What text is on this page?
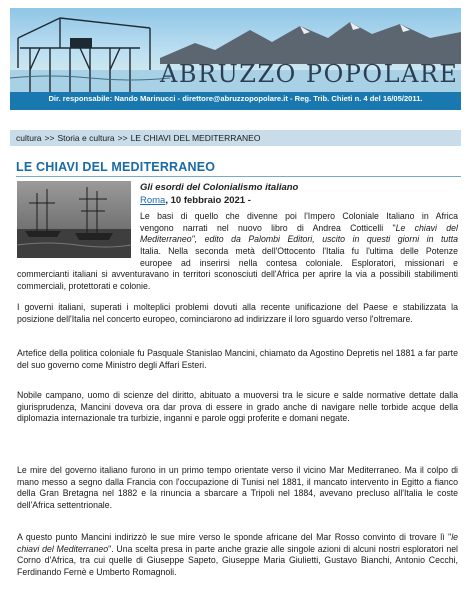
ABRUZZO POPOLARE
Dir. responsabile: Nando Marinucci - direttore@abruzzopopolare.it - Reg. Trib. Chieti n. 4 del 16/05/2011.
cultura >> Storia e cultura >> LE CHIAVI DEL MEDITERRANEO
LE CHIAVI DEL MEDITERRANEO
Gli esordi del Colonialismo italiano
Roma, 10 febbraio 2021 -
Le basi di quello che divenne poi l'Impero Coloniale Italiano in Africa
vengono narrati nel nuovo libro di Andrea Cotticelli "Le chiavi del
Mediterraneo", edito da Palombi Editori, uscito in questi giorni in tutta
Italia. Nella seconda metà dell'Ottocento l'Italia fu l'ultima delle Potenze
europee ad inserirsi nella contesa coloniale. Esploratori, missionari e
commercianti italiani si avventuravano in territori sconosciuti dell'Africa per aprire la via a possibili stabilimenti commerciali, protettorati e colonie.
I governi italiani, superati i molteplici problemi dovuti alla recente unificazione del Paese e stabilizzata la posizione dell'Italia nel concerto europeo, cominciarono ad indirizzare il loro sguardo verso l'oltremare.
Artefice della politica coloniale fu Pasquale Stanislao Mancini, chiamato da Agostino Depretis nel 1881 a far parte del suo governo come Ministro degli Affari Esteri.
Nobile campano, uomo di scienze del diritto, abituato a muoversi tra le sicure e salde normative dettate dalla giurisprudenza, Mancini doveva ora dar prova di essere in grado anche di navigare nelle torbide acque della diplomazia internazionale tra turbizie, inganni e parole oggi proferite e domani negate.
Le mire del governo italiano furono in un primo tempo orientate verso il vicino Mar Mediterraneo. Ma il colpo di mano messo a segno dalla Francia con l'occupazione di Tunisi nel 1881, il mancato intervento in Egitto a fianco della Gran Bretagna nel 1882 e la rinuncia a sbarcare a Tripoli nel 1884, avevano precluso all'Italia le coste dell'Africa settentrionale.
A questo punto Mancini indirizzò le sue mire verso le sponde africane del Mar Rosso convinto di trovare lì "le chiavi del Mediterraneo". Una scelta presa in parte anche grazie alle singole azioni di alcuni nostri esploratori nel Corno d'Africa, tra cui quelle di Giuseppe Sapeto, Giuseppe Maria Giulietti, Gustavo Bianchi, Antonio Cecchi, Ferdinando Fernè e Umberto Romagnoli.
